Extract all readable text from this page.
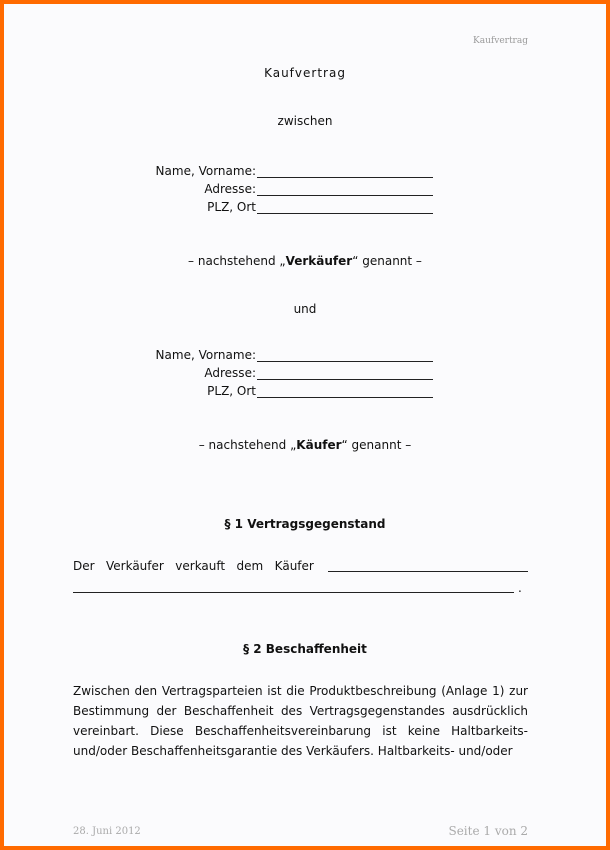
Kaufvertrag
Kaufvertrag
zwischen
Name, Vorname:
Adresse:
PLZ, Ort
– nachstehend „Verkäufer“ genannt –
und
Name, Vorname:
Adresse:
PLZ, Ort
– nachstehend „Käufer“ genannt –
§ 1 Vertragsgegenstand
Der   Verkäufer   verkauft   dem   Käufer
.
§ 2 Beschaffenheit
Zwischen den Vertragsparteien ist die Produktbeschreibung (Anlage 1) zur Bestimmung der Beschaffenheit des Vertragsgegenstandes ausdrücklich vereinbart. Diese Beschaffenheitsvereinbarung ist keine Haltbarkeits- und/oder Beschaffenheitsgarantie des Verkäufers. Haltbarkeits- und/oder
28. Juni 2012	Seite 1 von 2
